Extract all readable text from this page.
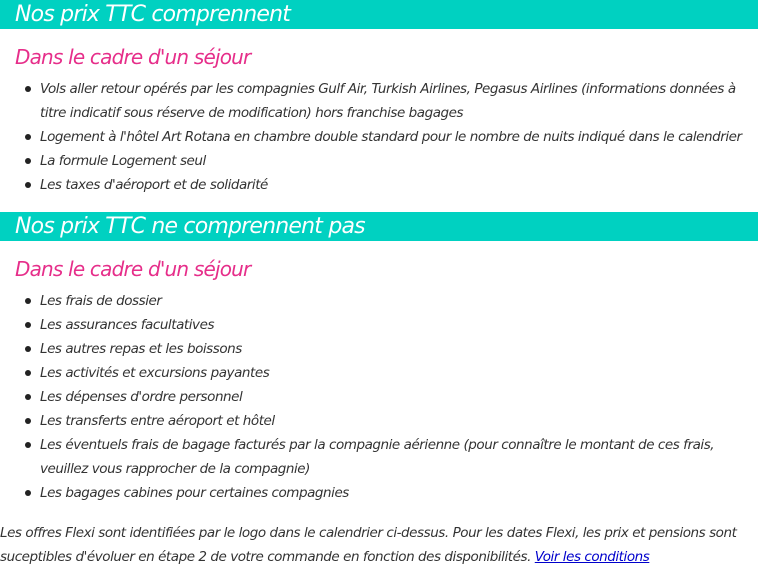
Nos prix TTC comprennent
Dans le cadre d'un séjour
Vols aller retour opérés par les compagnies Gulf Air, Turkish Airlines, Pegasus Airlines (informations données à titre indicatif sous réserve de modification) hors franchise bagages
Logement à l'hôtel Art Rotana en chambre double standard pour le nombre de nuits indiqué dans le calendrier
La formule Logement seul
Les taxes d'aéroport et de solidarité
Nos prix TTC ne comprennent pas
Dans le cadre d'un séjour
Les frais de dossier
Les assurances facultatives
Les autres repas et les boissons
Les activités et excursions payantes
Les dépenses d'ordre personnel
Les transferts entre aéroport et hôtel
Les éventuels frais de bagage facturés par la compagnie aérienne (pour connaître le montant de ces frais, veuillez vous rapprocher de la compagnie)
Les bagages cabines pour certaines compagnies

Les offres Flexi sont identifiées par le logo dans le calendrier ci-dessus. Pour les dates Flexi, les prix et pensions sont suceptibles d'évoluer en étape 2 de votre commande en fonction des disponibilités. Voir les conditions
